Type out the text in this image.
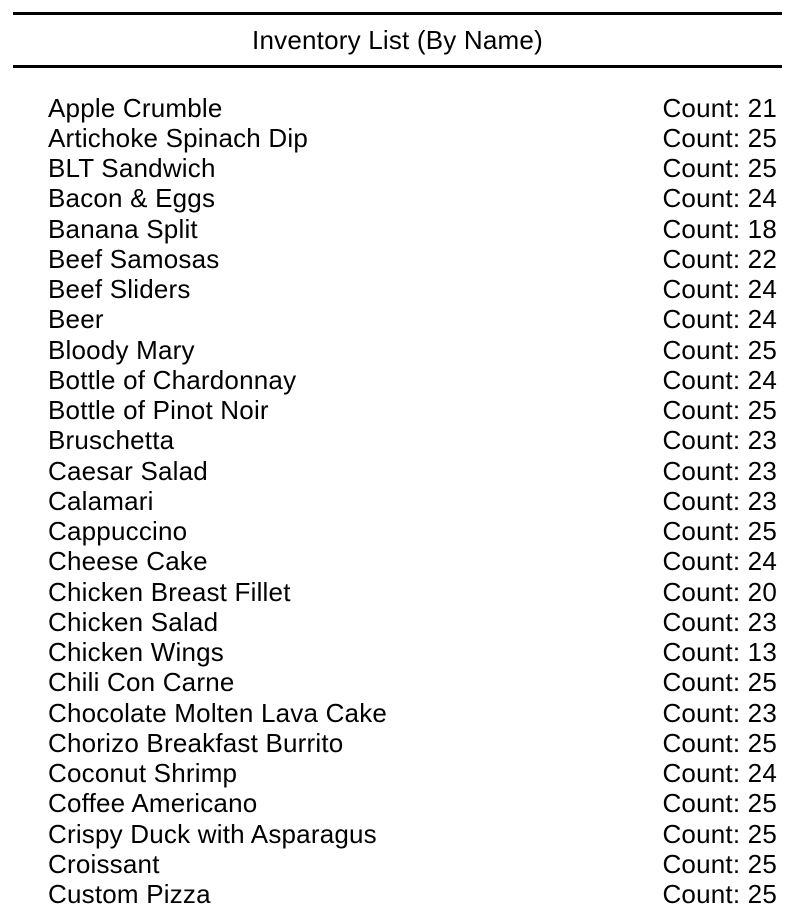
Inventory List (By Name)
Apple Crumble	Count: 21
Artichoke Spinach Dip	Count: 25
BLT Sandwich	Count: 25
Bacon & Eggs	Count: 24
Banana Split	Count: 18
Beef Samosas	Count: 22
Beef Sliders	Count: 24
Beer	Count: 24
Bloody Mary	Count: 25
Bottle of Chardonnay	Count: 24
Bottle of Pinot Noir	Count: 25
Bruschetta	Count: 23
Caesar Salad	Count: 23
Calamari	Count: 23
Cappuccino	Count: 25
Cheese Cake	Count: 24
Chicken Breast Fillet	Count: 20
Chicken Salad	Count: 23
Chicken Wings	Count: 13
Chili Con Carne	Count: 25
Chocolate Molten Lava Cake	Count: 23
Chorizo Breakfast Burrito	Count: 25
Coconut Shrimp	Count: 24
Coffee Americano	Count: 25
Crispy Duck with Asparagus	Count: 25
Croissant	Count: 25
Custom Pizza	Count: 25
